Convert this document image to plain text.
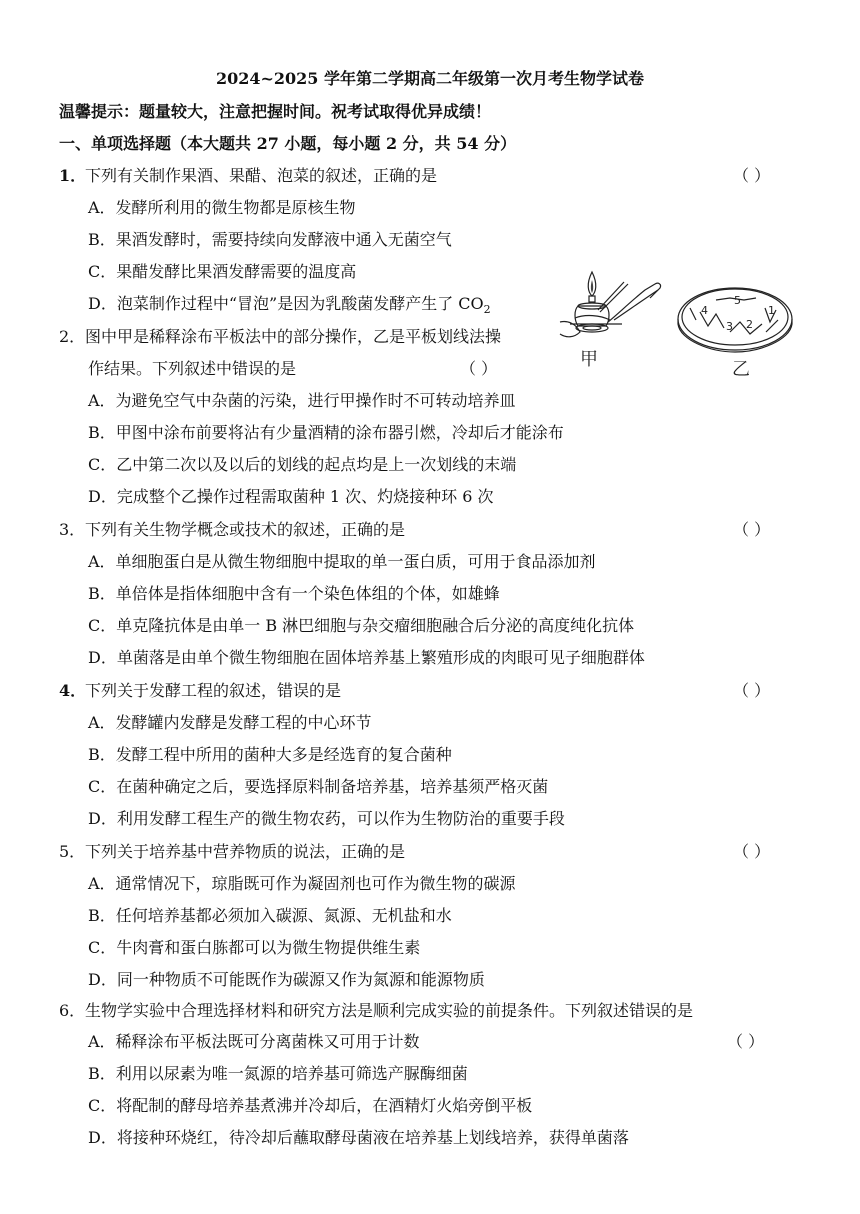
2024~2025 学年第二学期高二年级第一次月考生物学试卷
温馨提示：题量较大，注意把握时间。祝考试取得优异成绩！
一、单项选择题（本大题共 27 小题，每小题 2 分，共 54 分）
1．下列有关制作果酒、果醋、泡菜的叙述，正确的是	（ ）
A．发酵所利用的微生物都是原核生物
B．果酒发酵时，需要持续向发酵液中通入无菌空气
C．果醋发酵比果酒发酵需要的温度高
D．泡菜制作过程中“冒泡”是因为乳酸菌发酵产生了 $CO_2$
甲
1
2
3
4
5
乙
2．图中甲是稀释涂布平板法中的部分操作，乙是平板划线法操
作结果。下列叙述中错误的是	（ ）
A．为避免空气中杂菌的污染，进行甲操作时不可转动培养皿
B．甲图中涂布前要将沾有少量酒精的涂布器引燃，冷却后才能涂布
C．乙中第二次以及以后的划线的起点均是上一次划线的末端
D．完成整个乙操作过程需取菌种 1 次、灼烧接种环 6 次
3．下列有关生物学概念或技术的叙述，正确的是	（ ）
A．单细胞蛋白是从微生物细胞中提取的单一蛋白质，可用于食品添加剂
B．单倍体是指体细胞中含有一个染色体组的个体，如雄蜂
C．单克隆抗体是由单一 B 淋巴细胞与杂交瘤细胞融合后分泌的高度纯化抗体
D．单菌落是由单个微生物细胞在固体培养基上繁殖形成的肉眼可见子细胞群体
4．下列关于发酵工程的叙述，错误的是	（ ）
A．发酵罐内发酵是发酵工程的中心环节
B．发酵工程中所用的菌种大多是经选育的复合菌种
C．在菌种确定之后，要选择原料制备培养基，培养基须严格灭菌
D．利用发酵工程生产的微生物农药，可以作为生物防治的重要手段
5．下列关于培养基中营养物质的说法，正确的是	（ ）
A．通常情况下，琼脂既可作为凝固剂也可作为微生物的碳源
B．任何培养基都必须加入碳源、氮源、无机盐和水
C．牛肉膏和蛋白胨都可以为微生物提供维生素
D．同一种物质不可能既作为碳源又作为氮源和能源物质
6．生物学实验中合理选择材料和研究方法是顺利完成实验的前提条件。下列叙述错误的是
A．稀释涂布平板法既可分离菌株又可用于计数	（ ）
B．利用以尿素为唯一氮源的培养基可筛选产脲酶细菌
C．将配制的酵母培养基煮沸并冷却后，在酒精灯火焰旁倒平板
D．将接种环烧红，待冷却后蘸取酵母菌液在培养基上划线培养，获得单菌落
